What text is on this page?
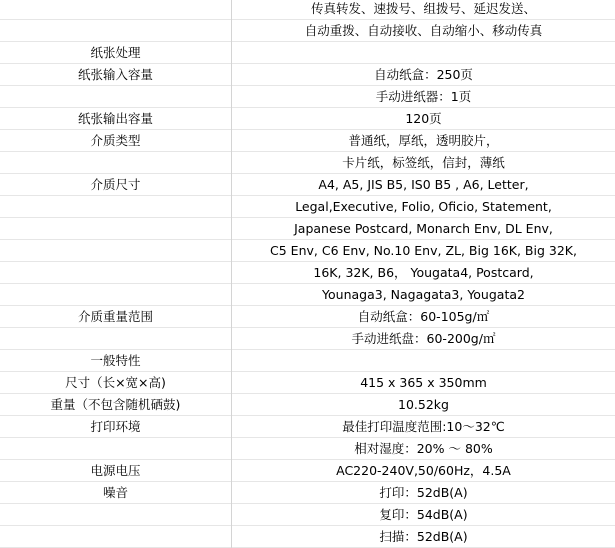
传真转发、速拨号、组拨号、延迟发送、
自动重拨、自动接收、自动缩小、移动传真
纸张处理
纸张输入容量	自动纸盒：250页
手动进纸器：1页
纸张输出容量	120页
介质类型	普通纸，厚纸，透明胶片，
卡片纸，标签纸，信封，薄纸
介质尺寸	A4, A5, JIS B5, IS0 B5 , A6, Letter,
Legal,Executive, Folio, Oficio, Statement,
Japanese Postcard, Monarch Env, DL Env,
C5 Env, C6 Env, No.10 Env, ZL, Big 16K, Big 32K,
16K, 32K, B6， Yougata4, Postcard,
Younaga3, Nagagata3, Yougata2
介质重量范围	自动纸盒：60-105g/㎡
手动进纸盘：60-200g/㎡
一般特性
尺寸（长×宽×高)	415 x 365 x 350mm
重量（不包含随机硒鼓)	10.52kg
打印环境	最佳打印温度范围:10～32℃
相对湿度：20% ～ 80%
电源电压	AC220-240V,50/60Hz，4.5A
噪音	打印：52dB(A)
复印：54dB(A)
扫描：52dB(A)
